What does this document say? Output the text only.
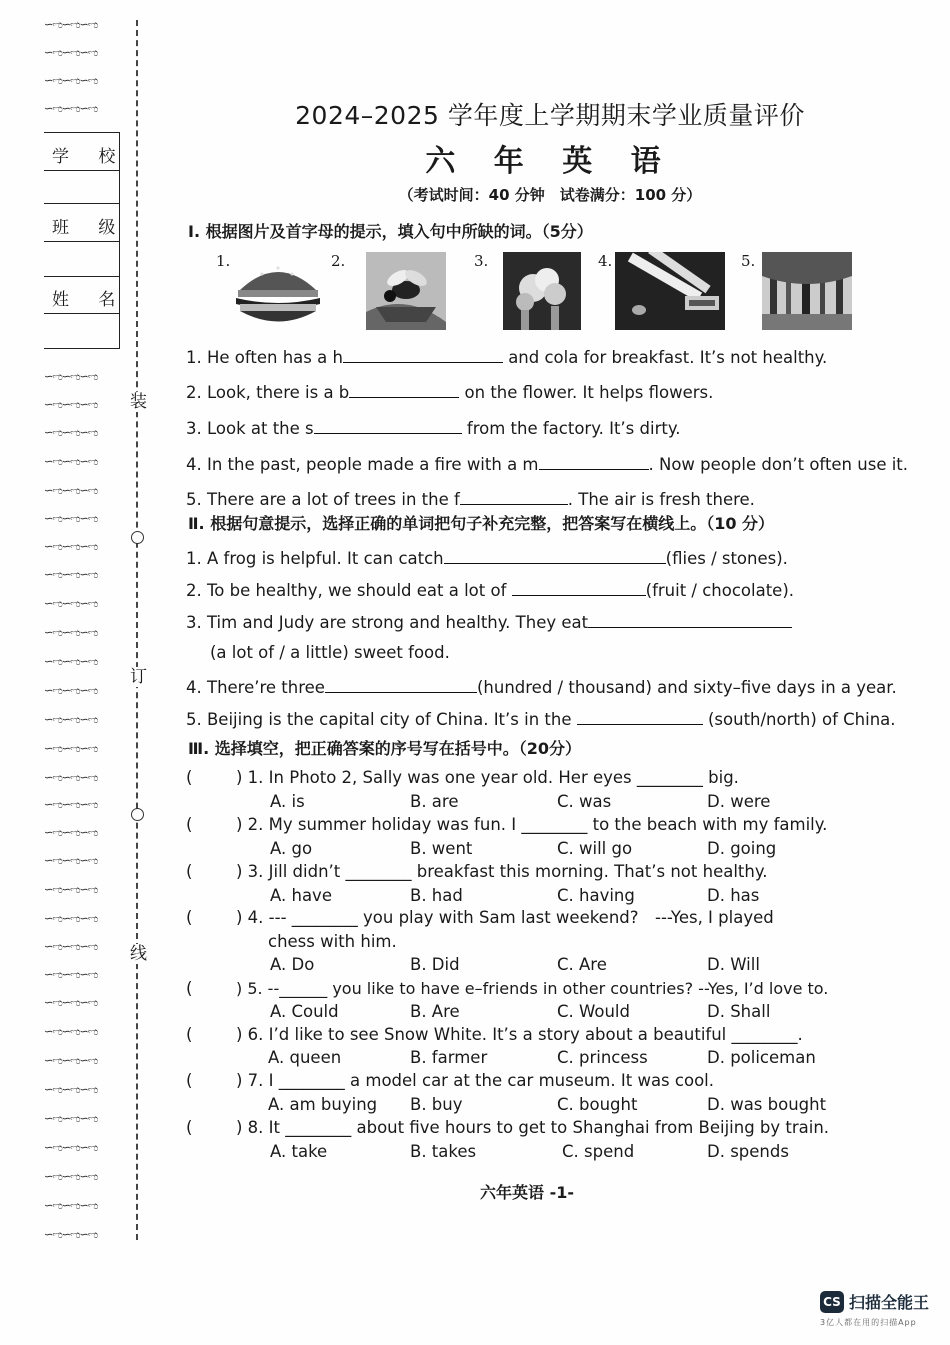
∽ಌ∽ಌ∽ಌ
∽ಌ∽ಌ∽ಌ
∽ಌ∽ಌ∽ಌ
∽ಌ∽ಌ∽ಌ
∽ಌ∽ಌ∽ಌ
∽ಌ∽ಌ∽ಌ
∽ಌ∽ಌ∽ಌ
∽ಌ∽ಌ∽ಌ
∽ಌ∽ಌ∽ಌ
∽ಌ∽ಌ∽ಌ
∽ಌ∽ಌ∽ಌ
∽ಌ∽ಌ∽ಌ
∽ಌ∽ಌ∽ಌ
∽ಌ∽ಌ∽ಌ
∽ಌ∽ಌ∽ಌ
∽ಌ∽ಌ∽ಌ
∽ಌ∽ಌ∽ಌ
∽ಌ∽ಌ∽ಌ
∽ಌ∽ಌ∽ಌ
∽ಌ∽ಌ∽ಌ
∽ಌ∽ಌ∽ಌ
∽ಌ∽ಌ∽ಌ
∽ಌ∽ಌ∽ಌ
∽ಌ∽ಌ∽ಌ
∽ಌ∽ಌ∽ಌ
∽ಌ∽ಌ∽ಌ
∽ಌ∽ಌ∽ಌ
∽ಌ∽ಌ∽ಌ
∽ಌ∽ಌ∽ಌ
∽ಌ∽ಌ∽ಌ
∽ಌ∽ಌ∽ಌ
∽ಌ∽ಌ∽ಌ
∽ಌ∽ಌ∽ಌ
∽ಌ∽ಌ∽ಌ
∽ಌ∽ಌ∽ಌ
装
订
线
学 校
班 级
姓 名
2024–2025 学年度上学期期末学业质量评价
六 年 英 语
（考试时间：40 分钟　试卷满分：100 分）
Ⅰ. 根据图片及首字母的提示，填入句中所缺的词。（5分）
1.	2.	3.	4.	5.
1. He often has a h	and cola for breakfast. It’s not healthy.
2. Look, there is a b	on the flower. It helps flowers.
3. Look at the s	from the factory. It’s dirty.
4. In the past, people made a fire with a m	. Now people don’t often use it.
5. There are a lot of trees in the f	. The air is fresh there.
Ⅱ. 根据句意提示，选择正确的单词把句子补充完整，把答案写在横线上。（10 分）
1. A frog is helpful. It can catch	(flies / stones).
2. To be healthy, we should eat a lot of	(fruit / chocolate).
3. Tim and Judy are strong and healthy. They eat
(a lot of / a little) sweet food.
4. There’re three	(hundred / thousand) and sixty–five days in a year.
5. Beijing is the capital city of China. It’s in the	(south/north) of China.
Ⅲ. 选择填空，把正确答案的序号写在括号中。（20分）
(	) 1. In Photo 2, Sally was one year old. Her eyes ________ big.
A. is	B. are	C. was	D. were
(	) 2. My summer holiday was fun. I ________ to the beach with my family.
A. go	B. went	C. will go	D. going
(	) 3. Jill didn’t ________ breakfast this morning. That’s not healthy.
A. have	B. had	C. having	D. has
(	) 4. --- ________ you play with Sam last weekend?　---Yes, I played
chess with him.
A. Do	B. Did	C. Are	D. Will
(	) 5. --______ you like to have e–friends in other countries? --Yes, I’d love to.
A. Could	B. Are	C. Would	D. Shall
(	) 6. I’d like to see Snow White. It’s a story about a beautiful ________.
A. queen	B. farmer	C. princess	D. policeman
(	) 7. I ________ a model car at the car museum. It was cool.
A. am buying B. buy	C. bought	D. was bought
(	) 8. It ________ about five hours to get to Shanghai from Beijing by train.
A. take	B. takes	C. spend	D. spends
六年英语 -1-
CS 扫描全能王
3亿人都在用的扫描App
